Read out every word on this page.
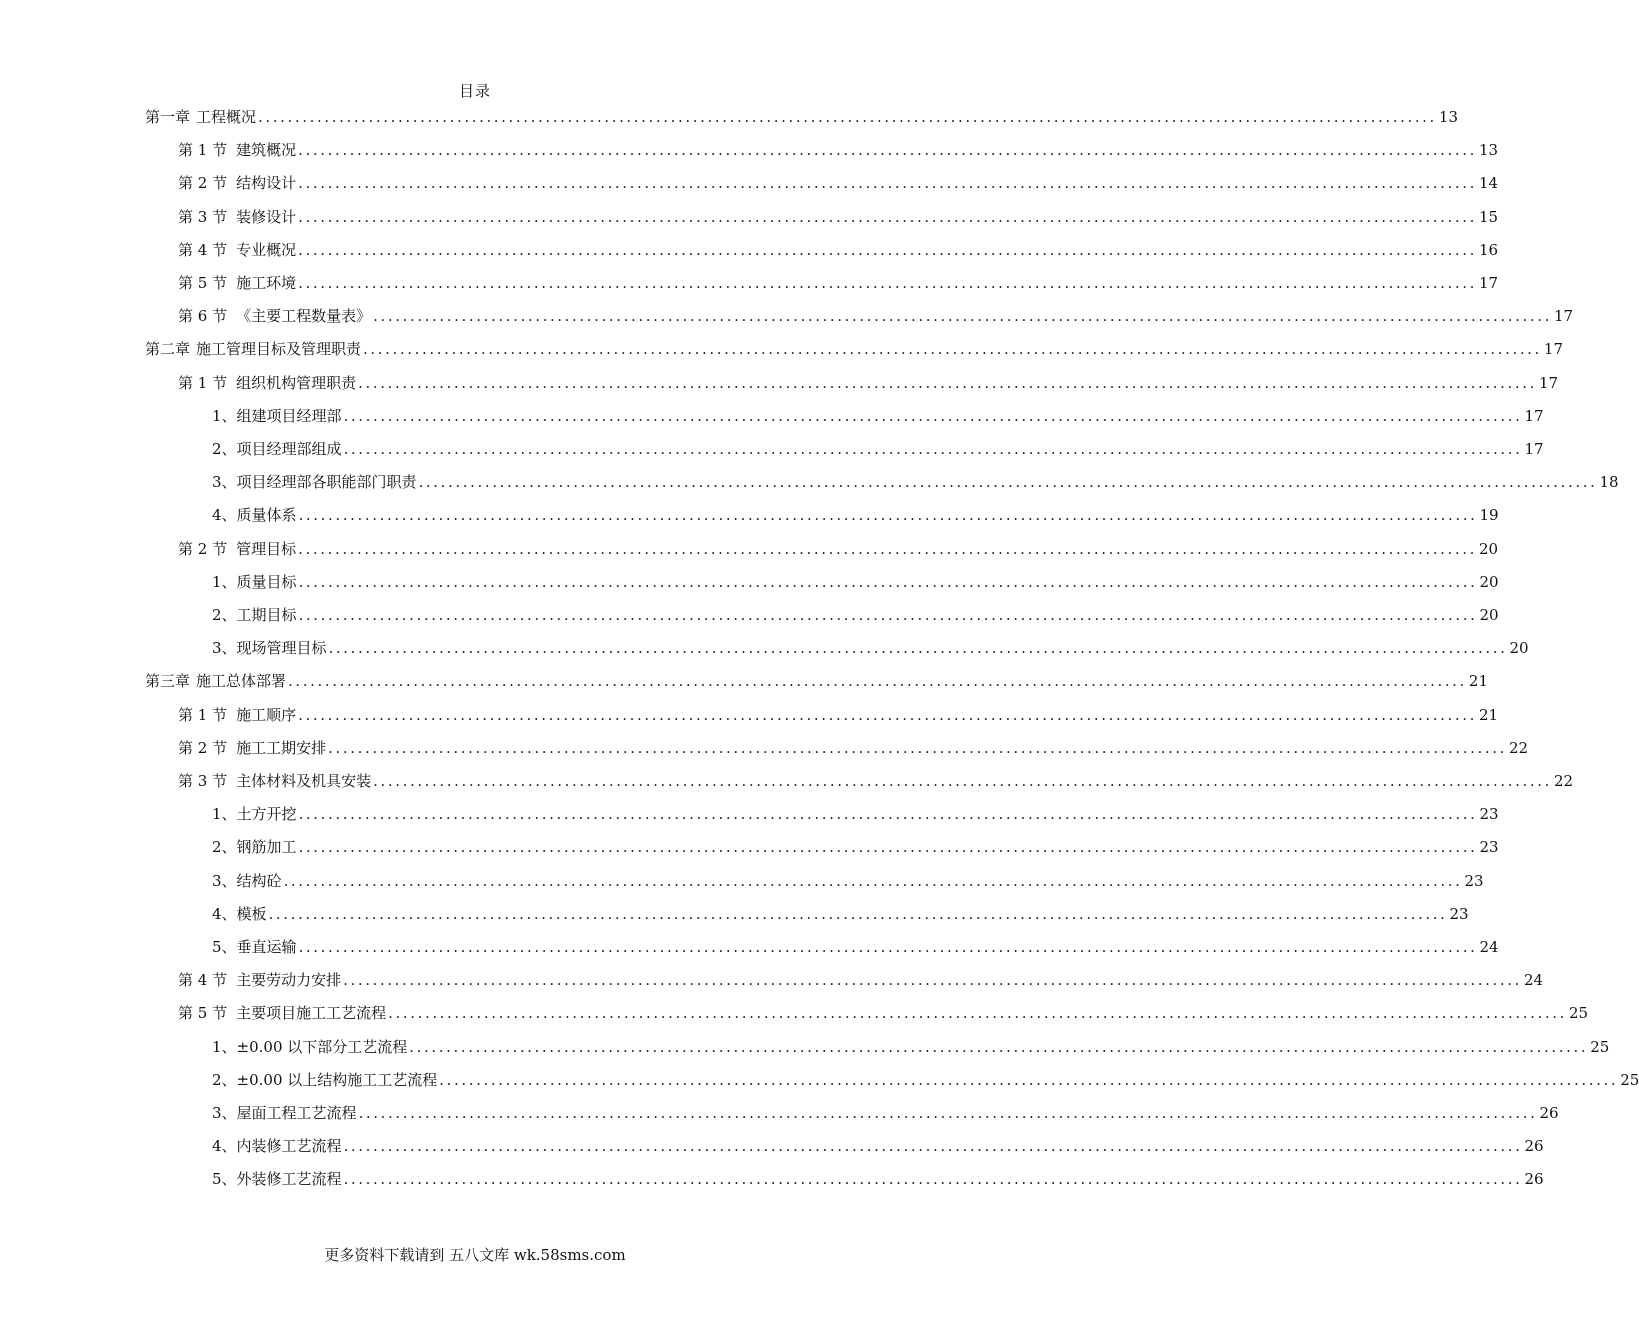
目录
第一章 工程概况 ................................................................................................................................................................ 13
第 1 节 建筑概况 ................................................................................................................................................................ 13
第 2 节 结构设计 ................................................................................................................................................................ 14
第 3 节 装修设计 ................................................................................................................................................................ 15
第 4 节 专业概况 ................................................................................................................................................................ 16
第 5 节 施工环境 ................................................................................................................................................................ 17
第 6 节 《主要工程数量表》 ................................................................................................................................................................ 17
第二章 施工管理目标及管理职责 ................................................................................................................................................................ 17
第 1 节 组织机构管理职责 ................................................................................................................................................................ 17
1、 组建项目经理部 ................................................................................................................................................................ 17
2、 项目经理部组成 ................................................................................................................................................................ 17
3、 项目经理部各职能部门职责 ................................................................................................................................................................ 18
4、 质量体系 ................................................................................................................................................................ 19
第 2 节 管理目标 ................................................................................................................................................................ 20
1、 质量目标 ................................................................................................................................................................ 20
2、 工期目标 ................................................................................................................................................................ 20
3、 现场管理目标 ................................................................................................................................................................ 20
第三章 施工总体部署 ................................................................................................................................................................ 21
第 1 节 施工顺序 ................................................................................................................................................................ 21
第 2 节 施工工期安排 ................................................................................................................................................................ 22
第 3 节 主体材料及机具安装 ................................................................................................................................................................ 22
1、 土方开挖 ................................................................................................................................................................ 23
2、 钢筋加工 ................................................................................................................................................................ 23
3、 结构砼 ................................................................................................................................................................ 23
4、 模板 ................................................................................................................................................................ 23
5、 垂直运输 ................................................................................................................................................................ 24
第 4 节 主要劳动力安排 ................................................................................................................................................................ 24
第 5 节 主要项目施工工艺流程 ................................................................................................................................................................ 25
1、 ±0.00 以下部分工艺流程 ................................................................................................................................................................ 25
2、 ±0.00 以上结构施工工艺流程 ................................................................................................................................................................ 25
3、 屋面工程工艺流程 ................................................................................................................................................................ 26
4、 内装修工艺流程 ................................................................................................................................................................ 26
5、 外装修工艺流程 ................................................................................................................................................................ 26
更多资料下载请到 五八文库 wk.58sms.com
